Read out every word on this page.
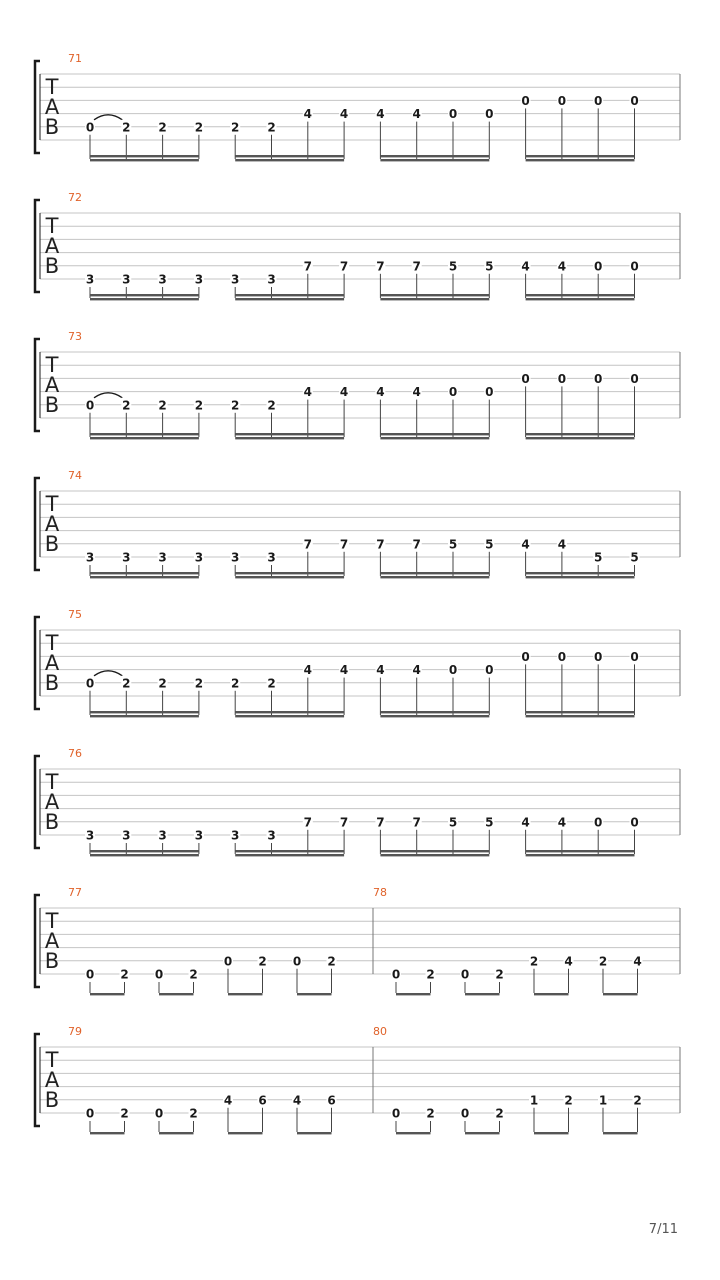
T
A
B
71
0 2 2 2 2 2
4 4 4 4 0 0
0 0 0 0
T
A
B
72
3 3 3 3 3 3
7 7 7 7 5 5 4 4 0 0
T
A
B
73
0 2 2 2 2 2
4 4 4 4 0 0
0 0 0 0
T
A
B
74
3 3 3 3 3 3
7 7 7 7 5 5 4 4
5 5
T
A
B
75
0 2 2 2 2 2
4 4 4 4 0 0
0 0 0 0
T
A
B
76
3 3 3 3 3 3
7 7 7 7 5 5 4 4 0 0
T
A
B
77
0 2 0 2
0 2 0 2
78
0 2 0 2
2 4 2 4
T
A
B
79
0 2 0 2
4 6 4 6
80
0 2 0 2
1 2 1 2
7/11
